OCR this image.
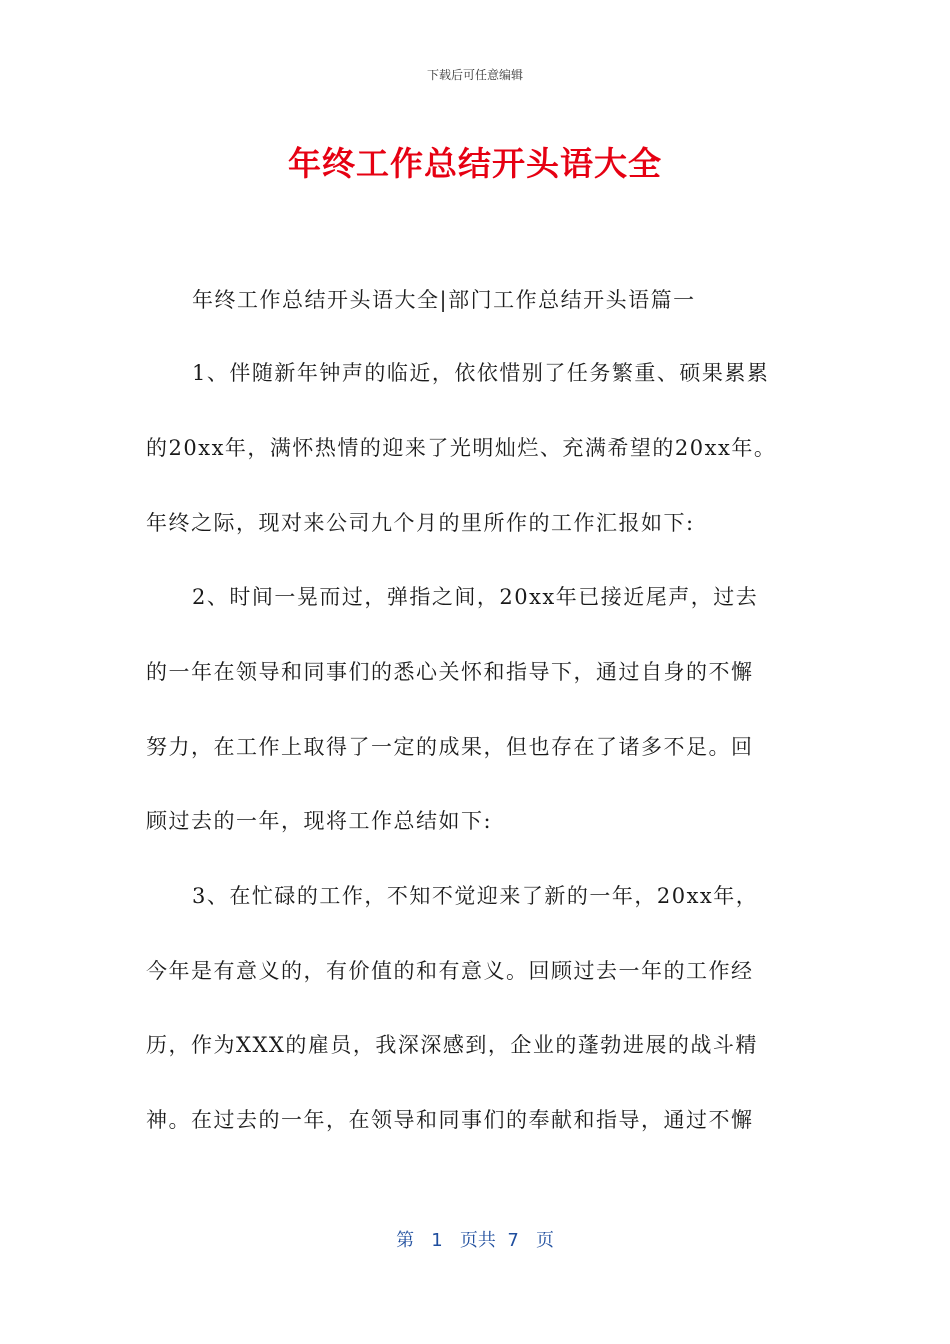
下载后可任意编辑
年终工作总结开头语大全
年终工作总结开头语大全|部门工作总结开头语篇一
1、伴随新年钟声的临近，依依惜别了任务繁重、硕果累累
的20xx年，满怀热情的迎来了光明灿烂、充满希望的20xx年。
年终之际，现对来公司九个月的里所作的工作汇报如下:
2、时间一晃而过，弹指之间，20xx年已接近尾声，过去
的一年在领导和同事们的悉心关怀和指导下，通过自身的不懈
努力，在工作上取得了一定的成果，但也存在了诸多不足。回
顾过去的一年，现将工作总结如下:
3、在忙碌的工作，不知不觉迎来了新的一年，20xx年，
今年是有意义的，有价值的和有意义。回顾过去一年的工作经
历，作为XXX的雇员，我深深感到，企业的蓬勃进展的战斗精
神。在过去的一年，在领导和同事们的奉献和指导，通过不懈
第 1 页共 7 页
